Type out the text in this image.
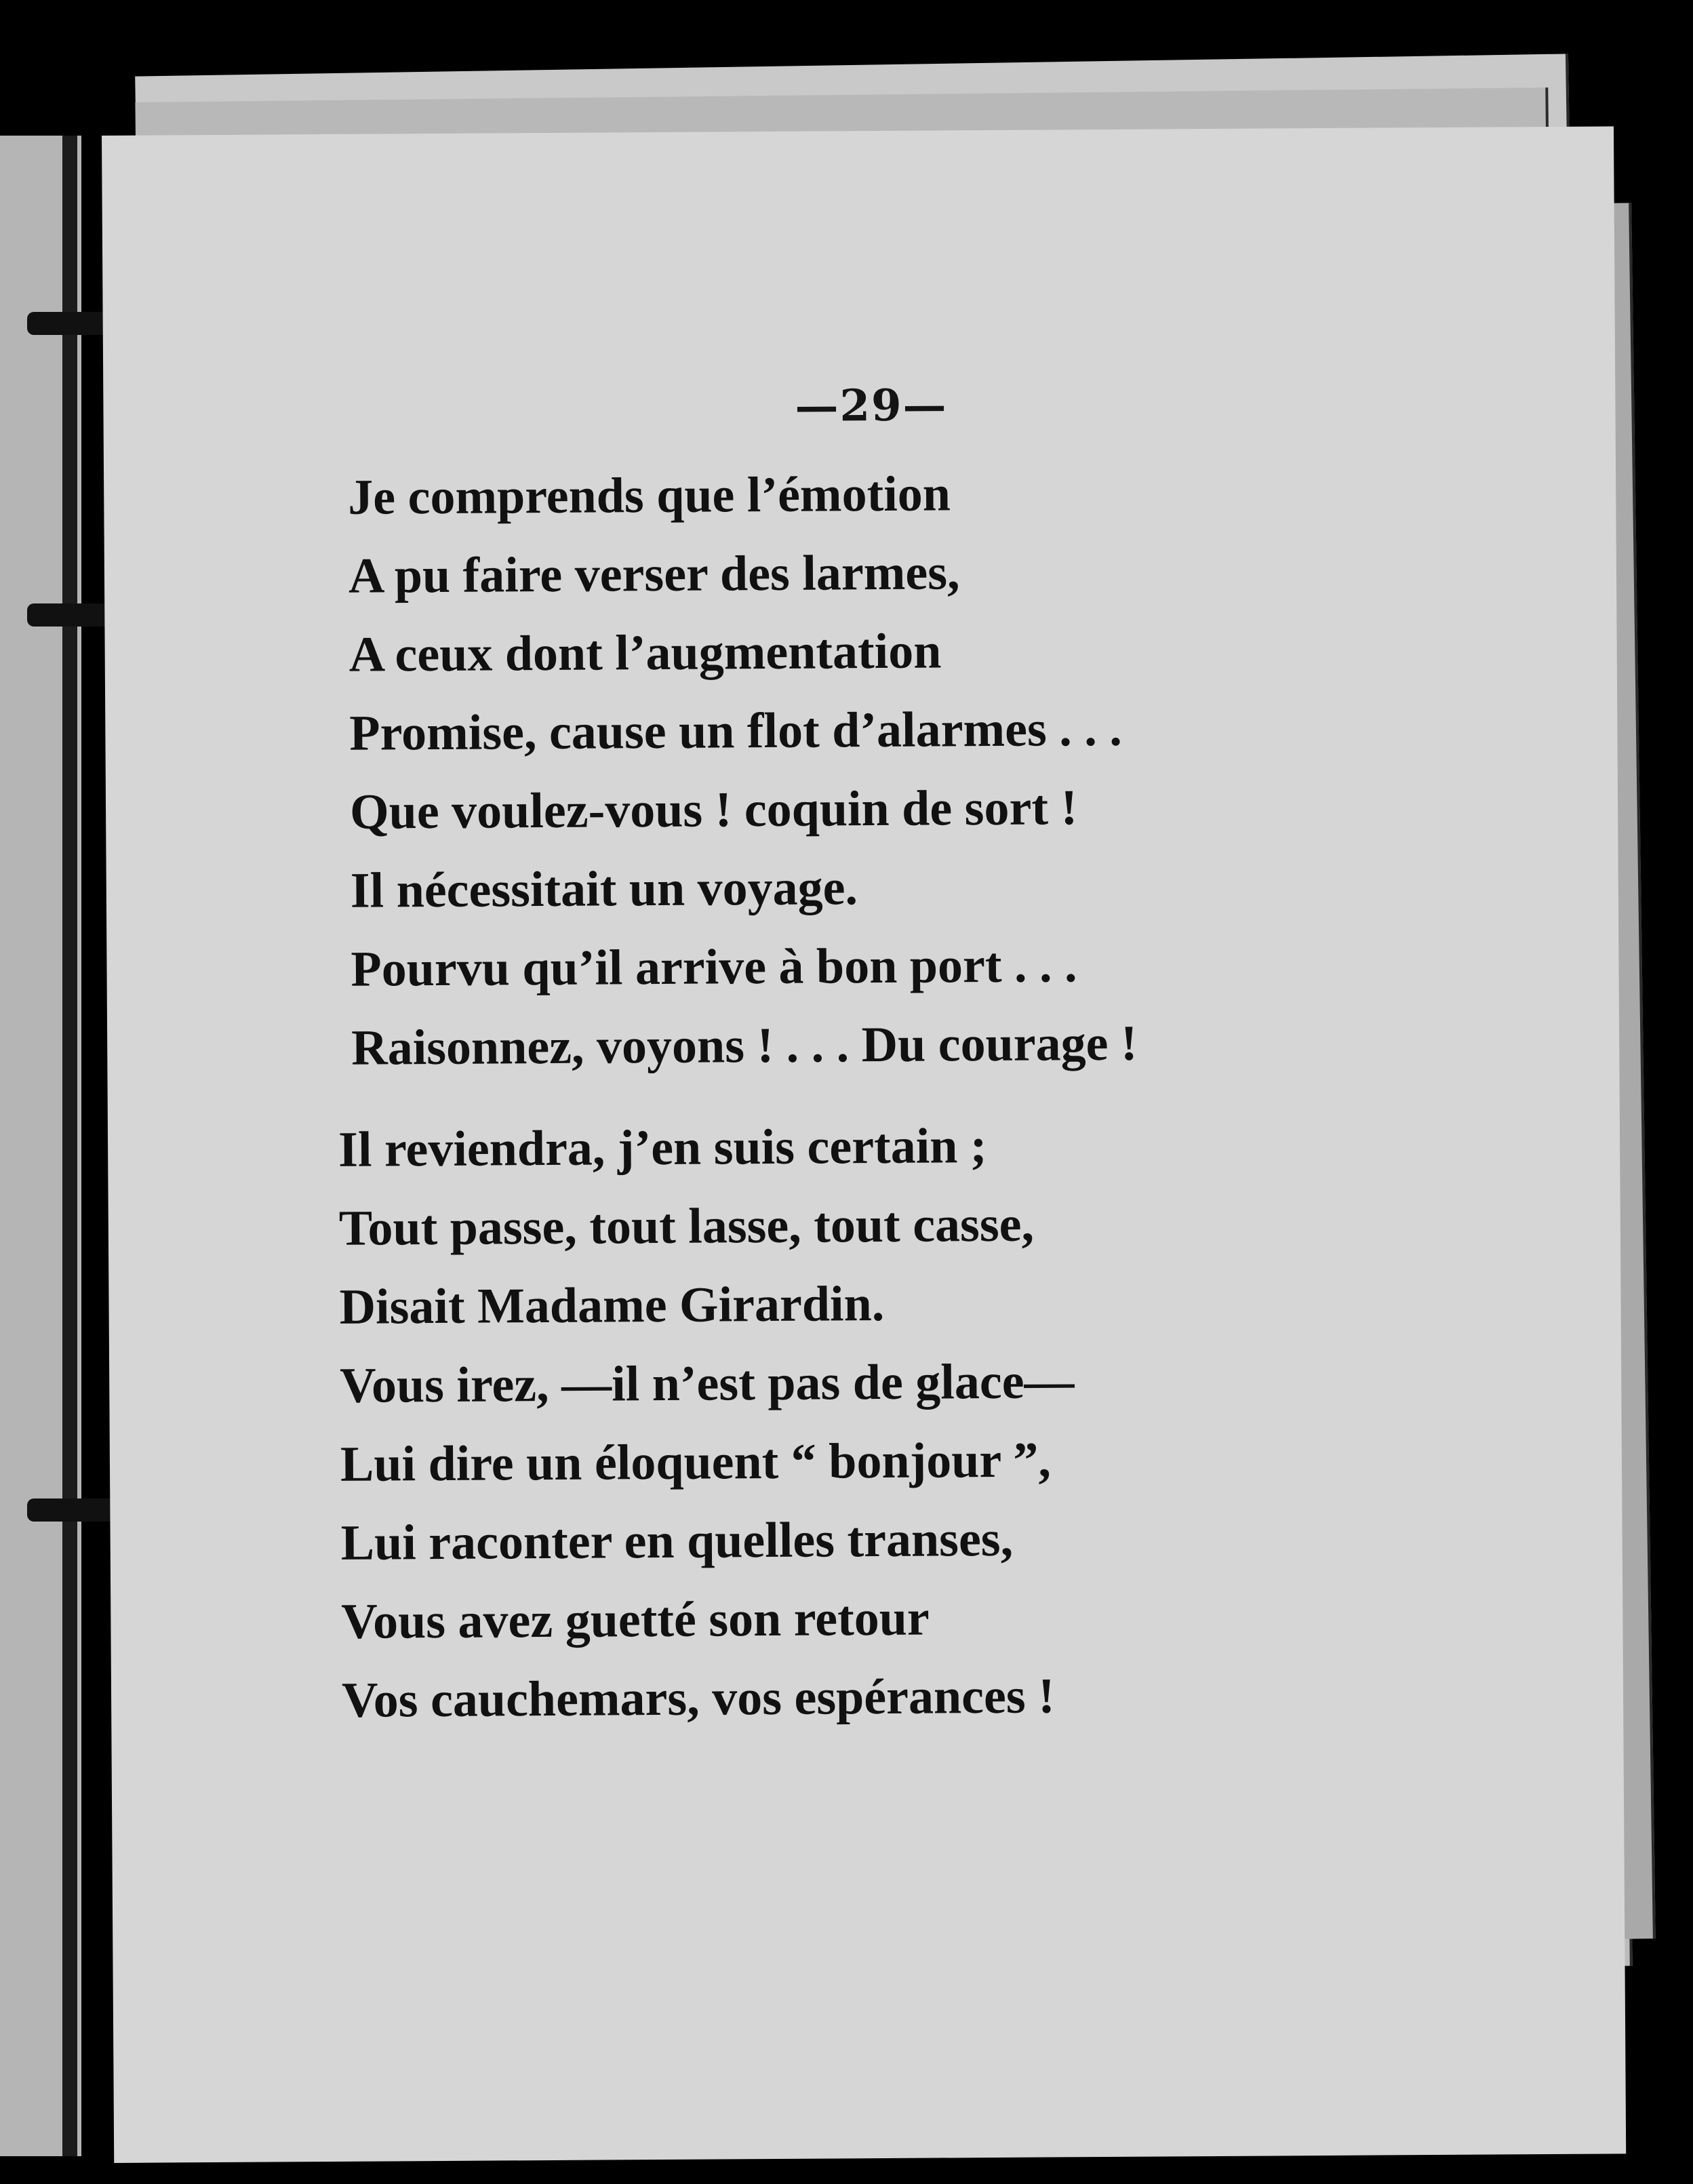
—29—
Je comprends que l’émotion
A pu faire verser des larmes,
A ceux dont l’augmentation
Promise, cause un flot d’alarmes . . .
Que voulez-vous ! coquin de sort !
Il nécessitait un voyage.
Pourvu qu’il arrive à bon port . . .
Raisonnez, voyons ! . . . Du courage !
Il reviendra, j’en suis certain ;
Tout passe, tout lasse, tout casse,
Disait Madame Girardin.
Vous irez, —il n’est pas de glace—
Lui dire un éloquent “ bonjour ”,
Lui raconter en quelles transes,
Vous avez guetté son retour
Vos cauchemars, vos espérances !
